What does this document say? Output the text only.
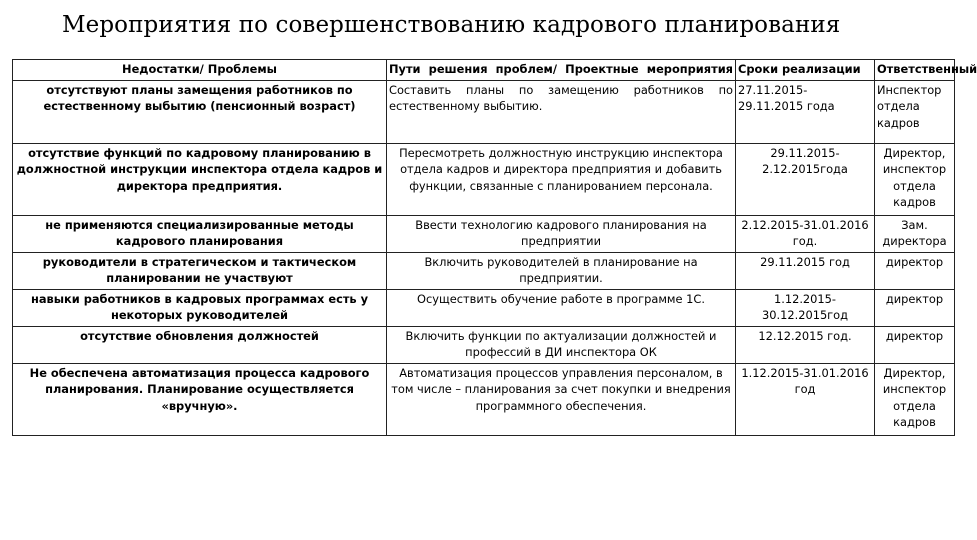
Мероприятия по совершенствованию кадрового планирования
Недостатки/ Проблемы	Пути решения проблем/ Проектные мероприятия	Сроки реализации	Ответственный
отсутствуют планы замещения работников по естественному выбытию (пенсионный возраст)	Составить планы по замещению работников по естественному выбытию.	27.11.2015-29.11.2015 года	Инспектор отдела кадров
отсутствие функций по кадровому планированию в должностной инструкции инспектора отдела кадров и директора предприятия.	Пересмотреть должностную инструкцию инспектора отдела кадров и директора предприятия и добавить функции, связанные с планированием персонала.	29.11.2015-2.12.2015года	Директор, инспектор отдела кадров
не применяются специализированные методы кадрового планирования	Ввести технологию кадрового планирования на предприятии	2.12.2015-31.01.2016 год.	Зам. директора
руководители в стратегическом и тактическом планировании не участвуют	Включить руководителей в планирование на предприятии.	29.11.2015 год	директор
навыки работников в кадровых программах есть у некоторых руководителей	Осуществить обучение работе в программе 1С.	1.12.2015-30.12.2015год	директор
отсутствие обновления должностей	Включить функции по актуализации должностей и профессий в ДИ инспектора ОК	12.12.2015 год.	директор
Не обеспечена автоматизация процесса кадрового планирования. Планирование осуществляется «вручную».	Автоматизация процессов управления персоналом, в том числе – планирования за счет покупки и внедрения программного обеспечения.	1.12.2015-31.01.2016 год	Директор, инспектор отдела кадров
